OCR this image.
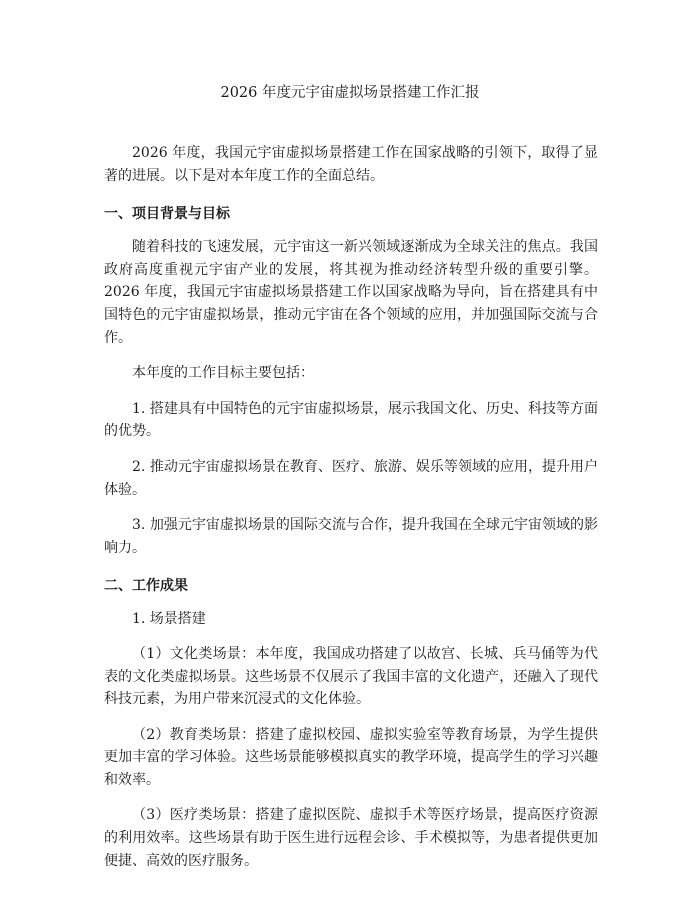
2026 年度元宇宙虚拟场景搭建工作汇报

2026 年度，我国元宇宙虚拟场景搭建工作在国家战略的引领下，取得了显著的进展。以下是对本年度工作的全面总结。

一、项目背景与目标

随着科技的飞速发展，元宇宙这一新兴领域逐渐成为全球关注的焦点。我国政府高度重视元宇宙产业的发展，将其视为推动经济转型升级的重要引擎。2026 年度，我国元宇宙虚拟场景搭建工作以国家战略为导向，旨在搭建具有中国特色的元宇宙虚拟场景，推动元宇宙在各个领域的应用，并加强国际交流与合作。

本年度的工作目标主要包括：

1. 搭建具有中国特色的元宇宙虚拟场景，展示我国文化、历史、科技等方面的优势。

2. 推动元宇宙虚拟场景在教育、医疗、旅游、娱乐等领域的应用，提升用户体验。

3. 加强元宇宙虚拟场景的国际交流与合作，提升我国在全球元宇宙领域的影响力。

二、工作成果

1. 场景搭建

（1）文化类场景：本年度，我国成功搭建了以故宫、长城、兵马俑等为代表的文化类虚拟场景。这些场景不仅展示了我国丰富的文化遗产，还融入了现代科技元素，为用户带来沉浸式的文化体验。

（2）教育类场景：搭建了虚拟校园、虚拟实验室等教育场景，为学生提供更加丰富的学习体验。这些场景能够模拟真实的教学环境，提高学生的学习兴趣和效率。

（3）医疗类场景：搭建了虚拟医院、虚拟手术等医疗场景，提高医疗资源的利用效率。这些场景有助于医生进行远程会诊、手术模拟等，为患者提供更加便捷、高效的医疗服务。
